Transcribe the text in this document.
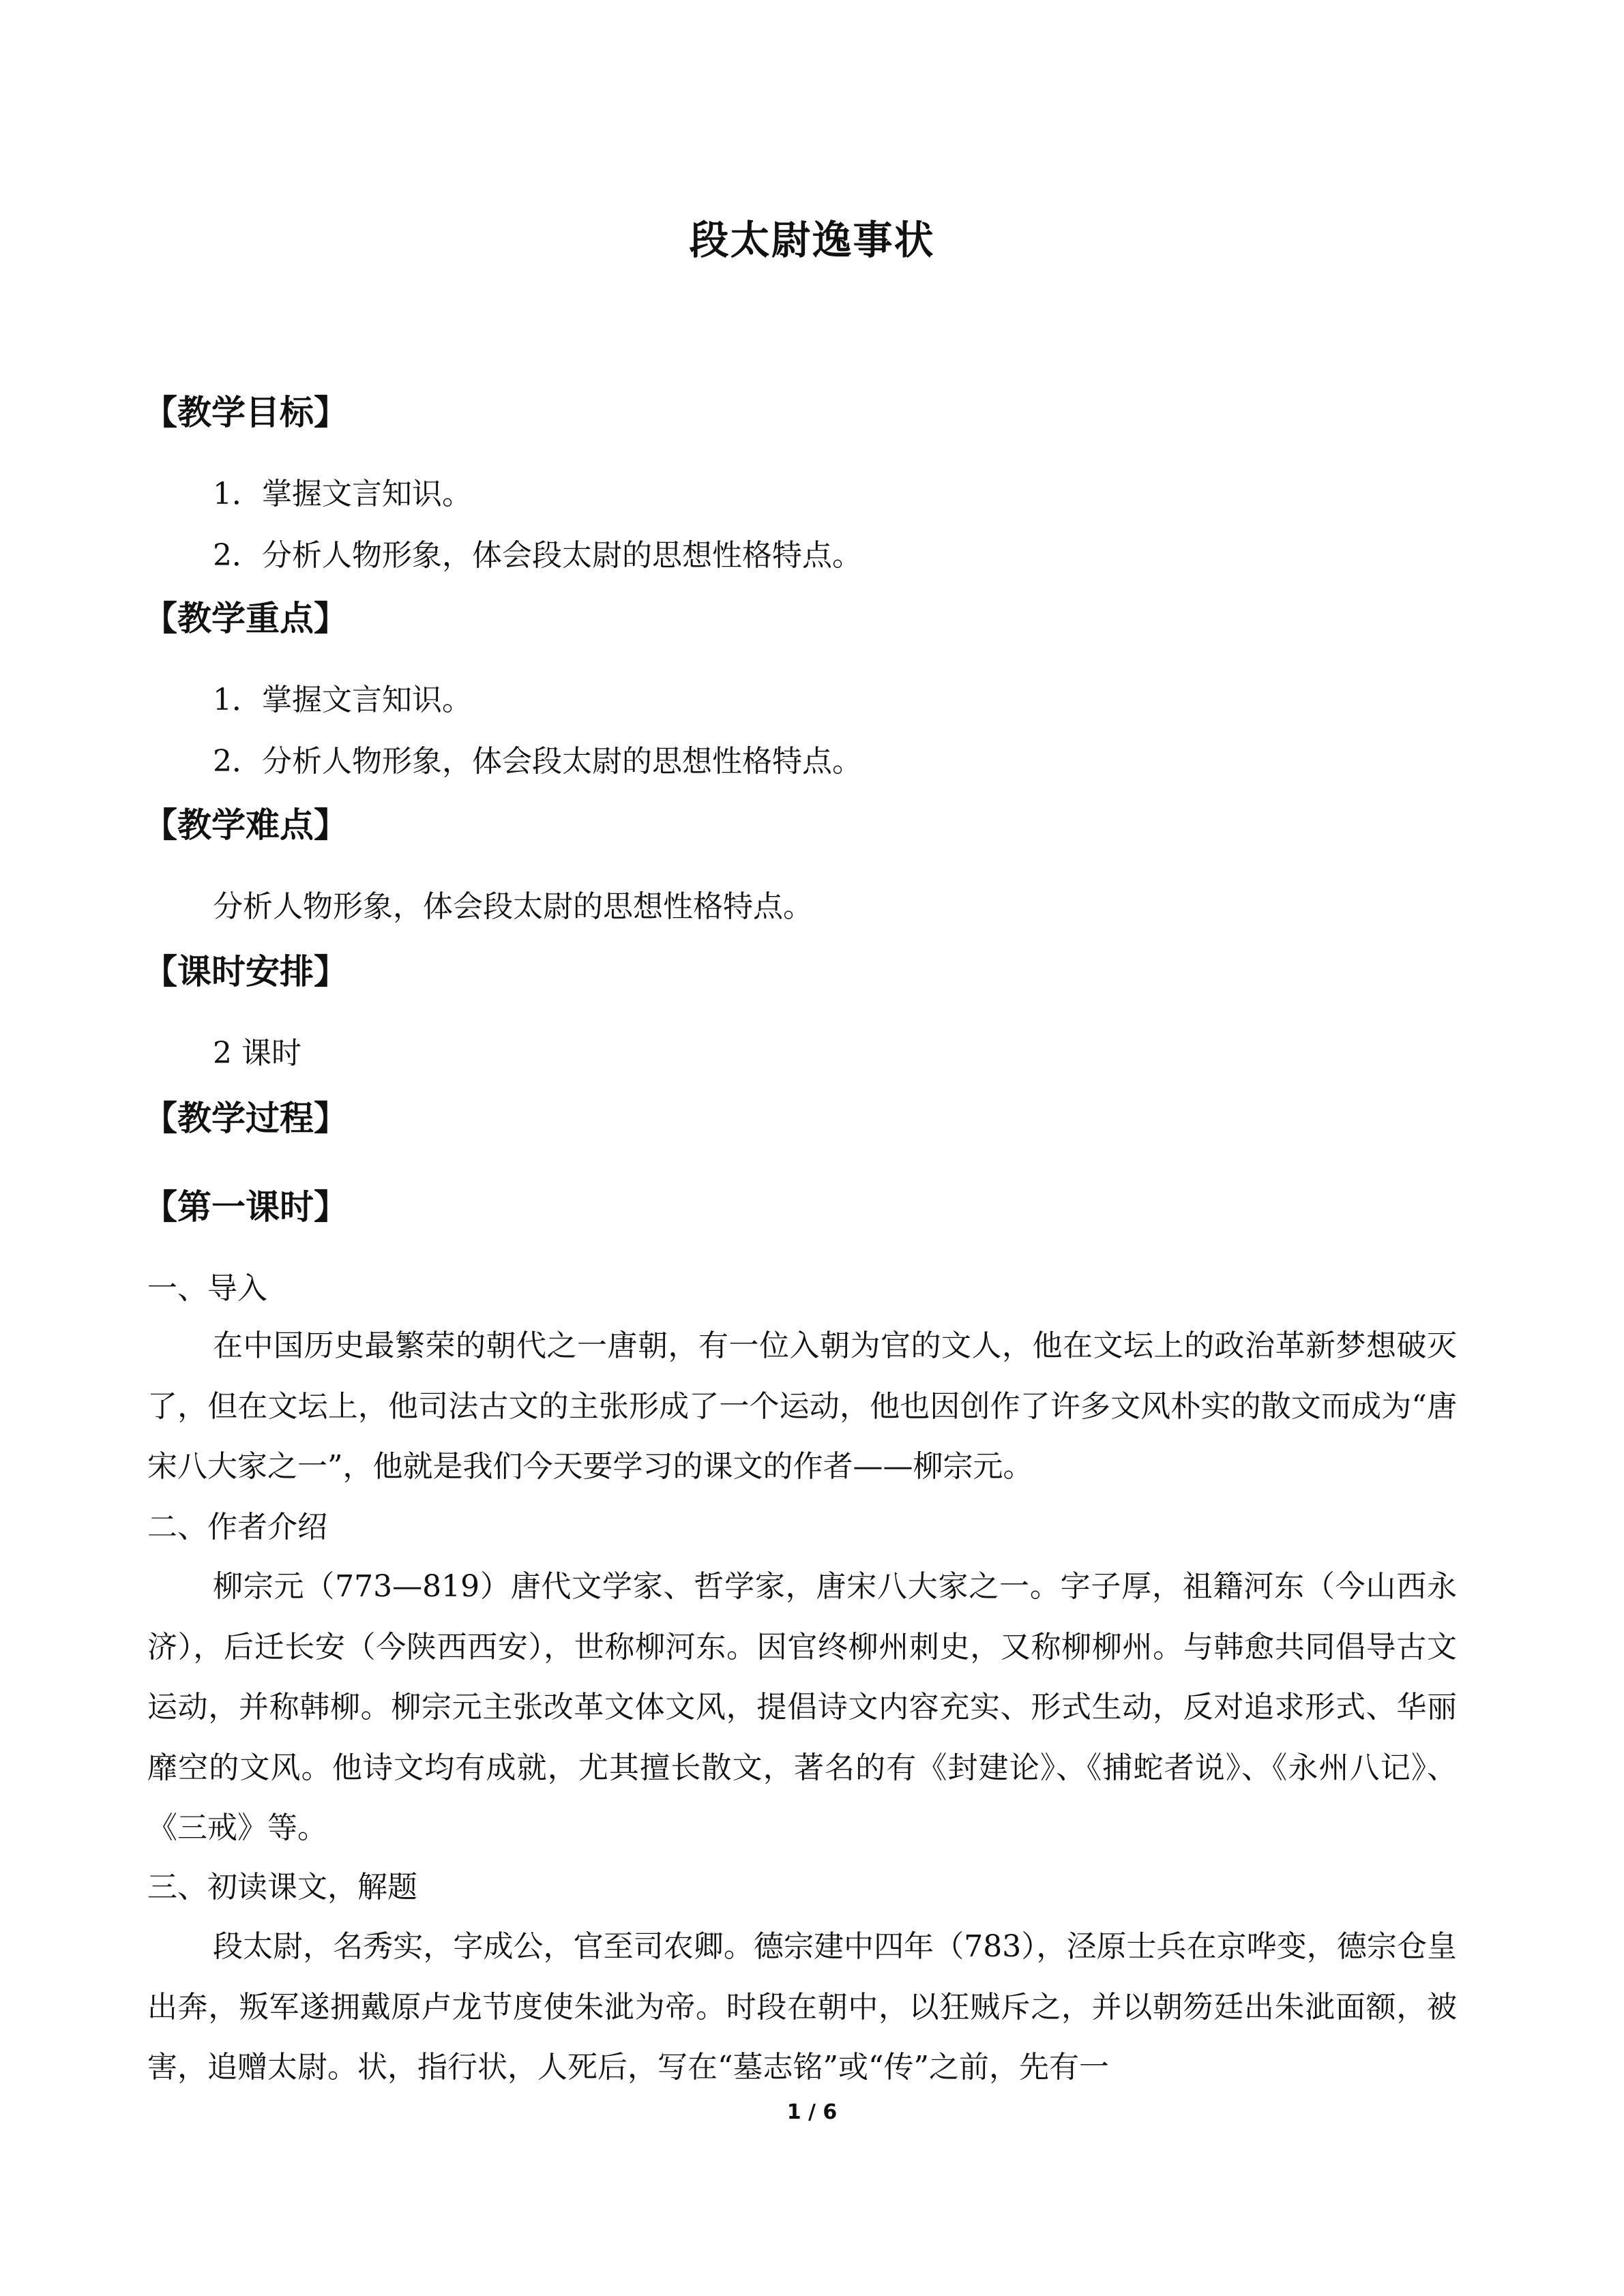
段太尉逸事状
【教学目标】
1．掌握文言知识。
2．分析人物形象，体会段太尉的思想性格特点。
【教学重点】
1．掌握文言知识。
2．分析人物形象，体会段太尉的思想性格特点。
【教学难点】
分析人物形象，体会段太尉的思想性格特点。
【课时安排】
2 课时
【教学过程】
【第一课时】
一、导入
在中国历史最繁荣的朝代之一唐朝，有一位入朝为官的文人，他在文坛上的政治革新梦想破灭了，但在文坛上，他司法古文的主张形成了一个运动，他也因创作了许多文风朴实的散文而成为“唐宋八大家之一”，他就是我们今天要学习的课文的作者——柳宗元。
二、作者介绍
柳宗元（773—819）唐代文学家、哲学家，唐宋八大家之一。字子厚，祖籍河东（今山西永济），后迁长安（今陕西西安），世称柳河东。因官终柳州刺史，又称柳柳州。与韩愈共同倡导古文运动，并称韩柳。柳宗元主张改革文体文风，提倡诗文内容充实、形式生动，反对追求形式、华丽靡空的文风。他诗文均有成就，尤其擅长散文，著名的有《封建论》、《捕蛇者说》、《永州八记》、《三戒》等。
三、初读课文，解题
段太尉，名秀实，字成公，官至司农卿。德宗建中四年（783），泾原士兵在京哗变，德宗仓皇出奔，叛军遂拥戴原卢龙节度使朱泚为帝。时段在朝中，以狂贼斥之，并以朝笏廷出朱泚面额，被害，追赠太尉。状，指行状，人死后，写在“墓志铭”或“传”之前，先有一
1 / 6
